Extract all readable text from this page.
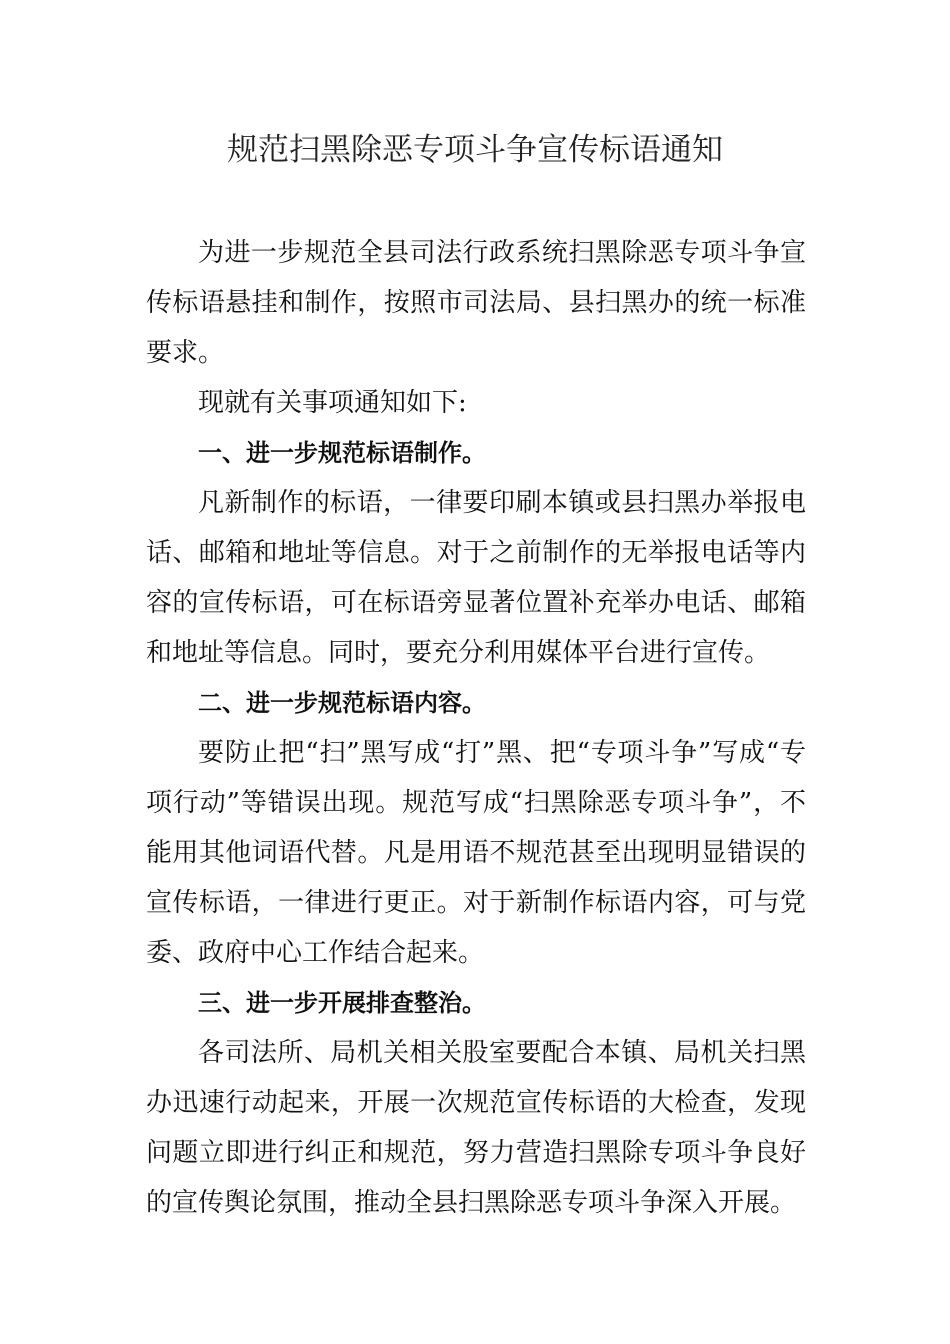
规范扫黑除恶专项斗争宣传标语通知

为进一步规范全县司法行政系统扫黑除恶专项斗争宣传标语悬挂和制作，按照市司法局、县扫黑办的统一标准要求。

现就有关事项通知如下:

一、进一步规范标语制作。

凡新制作的标语，一律要印刷本镇或县扫黑办举报电话、邮箱和地址等信息。对于之前制作的无举报电话等内容的宣传标语，可在标语旁显著位置补充举办电话、邮箱和地址等信息。同时，要充分利用媒体平台进行宣传。

二、进一步规范标语内容。

要防止把“扫”黑写成“打”黑、把“专项斗争”写成“专项行动”等错误出现。规范写成“扫黑除恶专项斗争”，不能用其他词语代替。凡是用语不规范甚至出现明显错误的宣传标语，一律进行更正。对于新制作标语内容，可与党委、政府中心工作结合起来。

三、进一步开展排查整治。

各司法所、局机关相关股室要配合本镇、局机关扫黑办迅速行动起来，开展一次规范宣传标语的大检查，发现问题立即进行纠正和规范，努力营造扫黑除专项斗争良好的宣传舆论氛围，推动全县扫黑除恶专项斗争深入开展。
